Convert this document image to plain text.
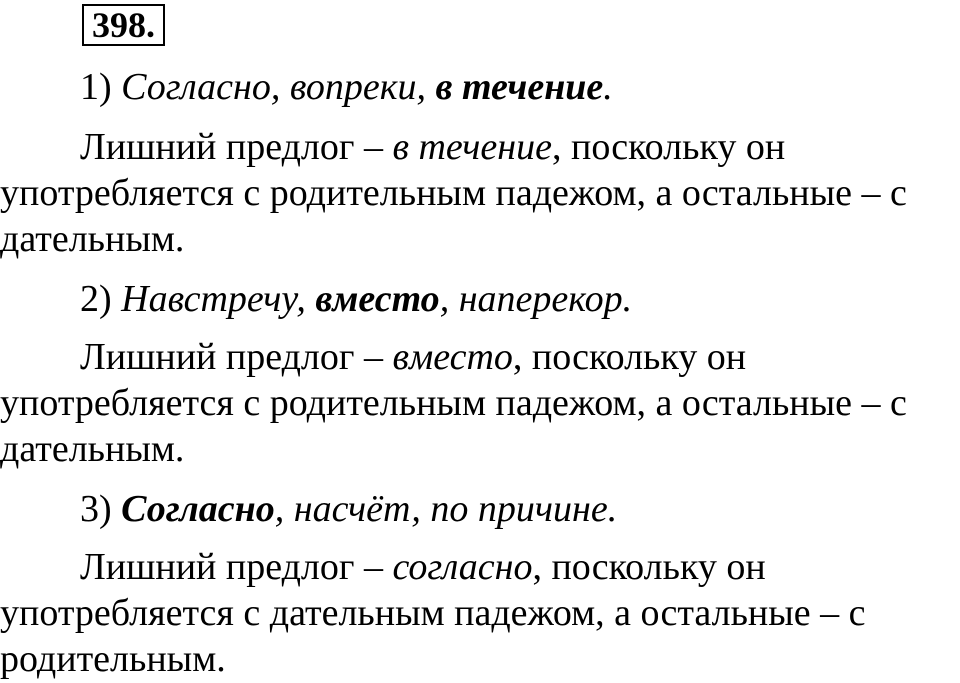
398.
1) Согласно, вопреки, в течение.
Лишний предлог – в течение, поскольку он
употребляется с родительным падежом, а остальные – с
дательным.
2) Навстречу, вместо, наперекор.
Лишний предлог – вместо, поскольку он
употребляется с родительным падежом, а остальные – с
дательным.
3) Согласно, насчёт, по причине.
Лишний предлог – согласно, поскольку он
употребляется с дательным падежом, а остальные – с
родительным.
